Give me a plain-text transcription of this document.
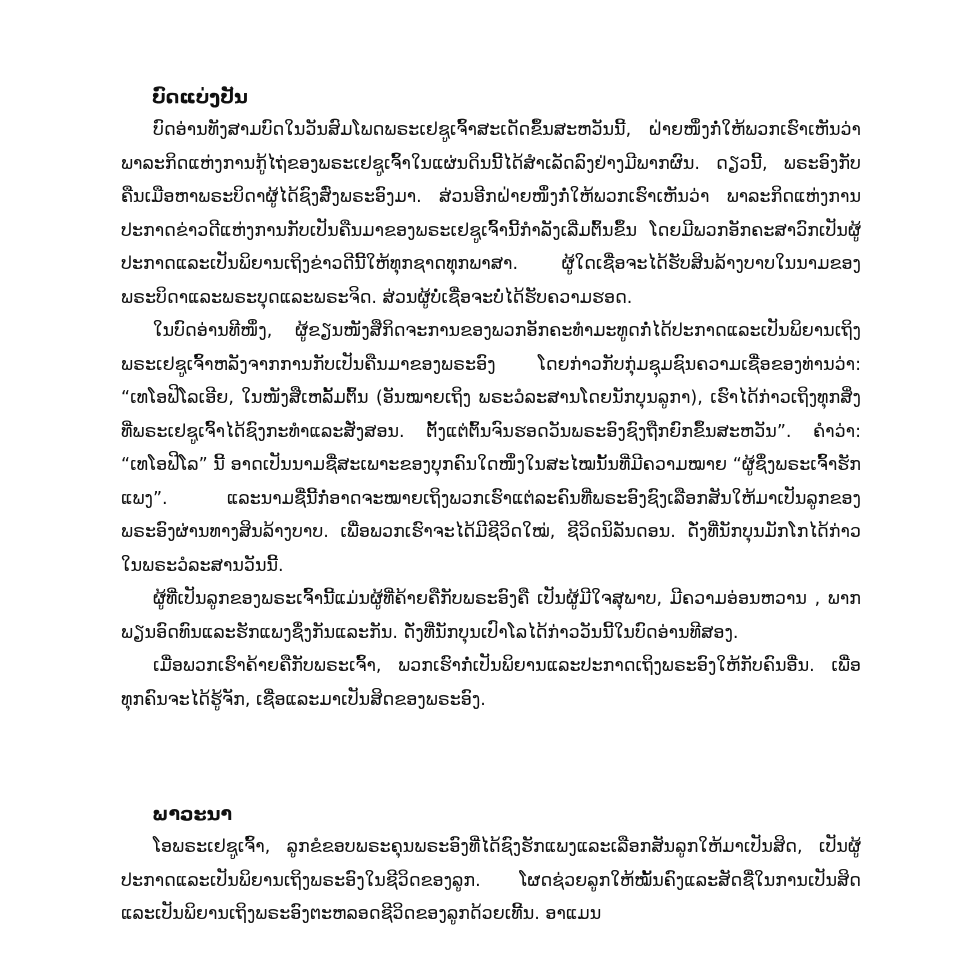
ບົດແບ່ງປັນ

ບົດອ່ານທັງສາມບົດໃນວັນສົມໂພດພຣະເຢຊູເຈົ້າສະເດັດຂຶ້ນສະຫວັນນີ້, ຝ່າຍໜຶ່ງກໍ່ໃຫ້ພວກເຮົາເຫັນວ່າ ພາລະກິດແຫ່ງການກູ້ໄຖ່ຂອງພຣະເຢຊູເຈົ້າໃນແຜ່ນດິນນີ້ໄດ້ສຳເລັດລົງຢ່າງມີພາກຜົນ. ດຽວນີ້, ພຣະອົງກັບຄືນເມືອຫາພຣະບິດາຜູ້ໄດ້ຊົງສົ່ງພຣະອົງມາ. ສ່ວນອີກຝ່າຍໜຶ່ງກໍ່ໃຫ້ພວກເຮົາເຫັນວ່າ ພາລະກິດແຫ່ງການປະກາດຂ່າວດີແຫ່ງການກັບເປັນຄືນມາຂອງພຣະເຢຊູເຈົ້ານີ້ກຳລັງເລີ່ມຕົ້ນຂຶ້ນ ໂດຍມີພວກອັກຄະສາວົກເປັນຜູ້ປະກາດແລະເປັນພິຍານເຖິງຂ່າວດີນີ້ໃຫ້ທຸກຊາດທຸກພາສາ. ຜູ້ໃດເຊື່ອຈະໄດ້ຮັບສິນລ້າງບາບໃນນາມຂອງພຣະບິດາແລະພຣະບຸດແລະພຣະຈິດ. ສ່ວນຜູ້ບໍ່ເຊື່ອຈະບໍ່ໄດ້ຮັບຄວາມຮອດ.

ໃນບົດອ່ານທີໜຶ່ງ, ຜູ້ຂຽນໜັງສືກິດຈະການຂອງພວກອັກຄະທຳມະທູດກໍ່ໄດ້ປະກາດແລະເປັນພິຍານເຖິງພຣະເຢຊູເຈົ້າຫລັງຈາກການກັບເປັນຄືນມາຂອງພຣະອົງ ໂດຍກ່າວກັບກຸ່ມຊຸມຊົນຄວາມເຊື່ອຂອງທ່ານວ່າ: “ເທໂອຟີໂລເອີຍ, ໃນໜັງສືເຫລັ້ມຕົ້ນ (ອັນໝາຍເຖິງ ພຣະວໍລະສານໂດຍນັກບຸນລູກາ), ເຮົາໄດ້ກ່າວເຖິງທຸກສິ່ງທີ່ພຣະເຢຊູເຈົ້າໄດ້ຊົງກະທຳແລະສັ່ງສອນ. ຕັ້ງແຕ່ຕົ້ນຈົນຮອດວັນພຣະອົງຊົງຖືກຍົກຂຶ້ນສະຫວັນ”. ຄຳວ່າ: “ເທໂອຟີໂລ” ນີ້ ອາດເປັນນາມຊື່ສະເພາະຂອງບຸກຄົນໃດໜຶ່ງໃນສະໄໝນັ້ນທີ່ມີຄວາມໝາຍ “ຜູ້ຊຶ່ງພຣະເຈົ້າຮັກແພງ”. ແລະນາມຊື່ນີ້ກໍ່ອາດຈະໝາຍເຖິງພວກເຮົາແຕ່ລະຄົນທີ່ພຣະອົງຊົງເລືອກສັນໃຫ້ມາເປັນລູກຂອງພຣະອົງຜ່ານທາງສິນລ້າງບາບ. ເພື່ອພວກເຮົາຈະໄດ້ມີຊີວິດໃໝ່, ຊີວິດນິລັນດອນ. ດັ່ງທີ່ນັກບຸນມັກໂກໄດ້ກ່າວໃນພຣະວໍລະສານວັນນີ້.

ຜູ້ທີ່ເປັນລູກຂອງພຣະເຈົ້ານີ້ແມ່ນຜູ້ທີ່ຄ້າຍຄືກັບພຣະອົງຄື ເປັນຜູ້ມີໃຈສຸພາບ, ມີຄວາມອ່ອນຫວານ , ພາກພຽນອົດທົນແລະຮັກແພງຊຶ່ງກັນແລະກັນ. ດັ່ງທີ່ນັກບຸນເປົາໂລໄດ້ກ່າວວັນນີ້ໃນບົດອ່ານທີສອງ.

ເມື່ອພວກເຮົາຄ້າຍຄືກັບພຣະເຈົ້າ, ພວກເຮົາກໍ່ເປັນພິຍານແລະປະກາດເຖິງພຣະອົງໃຫ້ກັບຄົນອື່ນ. ເພື່ອທຸກຄົນຈະໄດ້ຮູ້ຈັກ, ເຊື່ອແລະມາເປັນສິດຂອງພຣະອົງ.

ພາວະນາ

ໂອພຣະເຢຊູເຈົ້າ, ລູກຂໍຂອບພຣະຄຸນພຣະອົງທີ່ໄດ້ຊົງຮັກແພງແລະເລືອກສັນລູກໃຫ້ມາເປັນສິດ, ເປັນຜູ້ປະກາດແລະເປັນພິຍານເຖິງພຣະອົງໃນຊີວິດຂອງລູກ. ໂຜດຊ່ວຍລູກໃຫ້ໝັ້ນຄົງແລະສັດຊື່ໃນການເປັນສິດແລະເປັນພິຍານເຖິງພຣະອົງຕະຫລອດຊີວິດຂອງລູກດ້ວຍເທີ້ນ. ອາແມນ
